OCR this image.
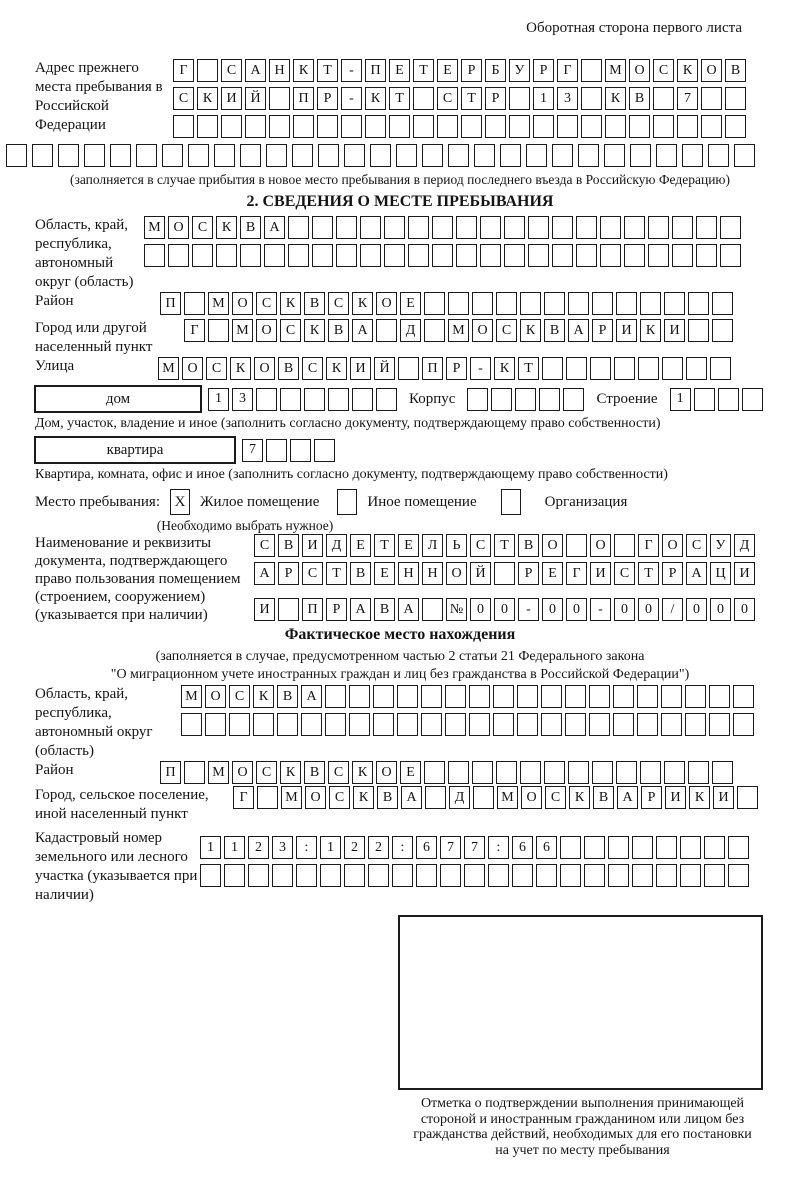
Оборотная сторона первого листа
Адрес прежнего места пребывания в Российской Федерации
Г	С	А Н	К	Т	-	П	Е	Т	Е	Р	Б	У	Р	Г	М О	С	К	О	В
С	К	И Й	П	Р	-	К	Т	С	Т	Р	1	3	К	В	7
(заполняется в случае прибытия в новое место пребывания в период последнего въезда в Российскую Федерацию)
2. СВЕДЕНИЯ О МЕСТЕ ПРЕБЫВАНИЯ
Область, край, республика, автономный округ (область)
М О	С	К	В	А
Район	П	М О	С	К	В	С	К	О	Е
Город или другой населенный пункт
Г	М О	С	К	В	А	Д	М О	С	К	В	А	Р	И	К	И
Улица	М О	С	К	О	В	С	К	И Й	П	Р	-	К	Т
дом	1	3	Корпус	Строение	1
Дом, участок, владение и иное (заполнить согласно документу, подтверждающему право собственности)
квартира	7
Квартира, комната, офис и иное (заполнить согласно документу, подтверждающему право собственности)
Место пребывания: X Жилое помещение	Иное помещение	Организация
(Необходимо выбрать нужное)
Наименование и реквизиты документа, подтверждающего право пользования помещением (строением, сооружением) (указывается при наличии)
С	В	И	Д	Е	Т	Е	Л	Ь	С	Т	В	О	О	Г	О	С	У	Д
А	Р	С	Т	В	Е	Н Н О Й	Р	Е	Г	И	С	Т	Р	А Ц И
И	П	Р	А	В	А	№ 0	0	-	0	0	-	0	0	/	0	0	0
Фактическое место нахождения
(заполняется в случае, предусмотренном частью 2 статьи 21 Федерального закона
"О миграционном учете иностранных граждан и лиц без гражданства в Российской Федерации")
Область, край, республика, автономный округ (область)
М О	С	К	В	А
Район	П	М О	С	К	В	С	К	О	Е
Город, сельское поселение, иной населенный пункт
Г	М О	С	К	В	А	Д	М О	С	К	В	А	Р	И	К	И
Кадастровый номер земельного или лесного участка (указывается при наличии)
1	1	2	3	:	1	2	2	:	6	7	7	:	6	6
Отметка о подтверждении выполнения принимающей
стороной и иностранным гражданином или лицом без
гражданства действий, необходимых для его постановки
на учет по месту пребывания
